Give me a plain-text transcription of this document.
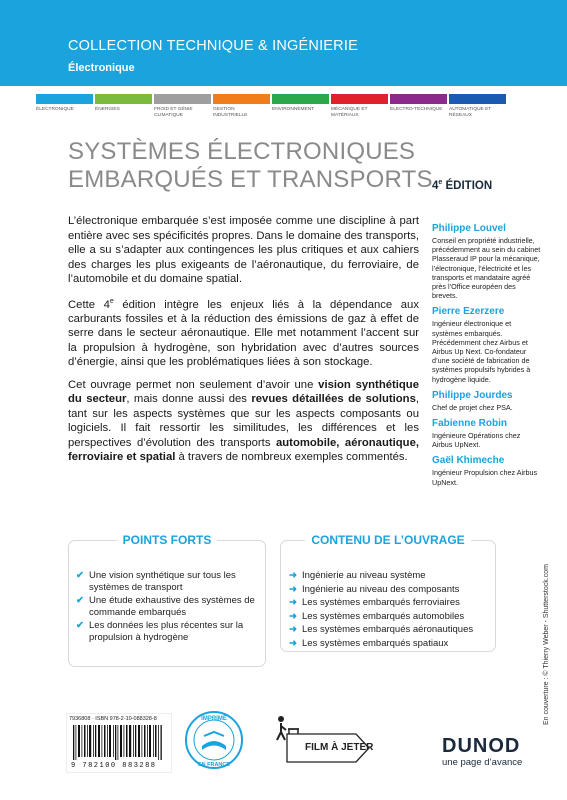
COLLECTION TECHNIQUE & INGÉNIERIE
Électronique
ÉLECTRONIQUE	ÉNERGIES	FROID ET GÉNIE CLIMATIQUE
GESTION INDUSTRIELLE
ENVIRONNEMENT	MÉCANIQUE ET MATÉRIAUX
ÉLECTRO-TECHNIQUE	AUTOMATIQUE ET RÉSEAUX
SYSTÈMES ÉLECTRONIQUES
EMBARQUÉS ET TRANSPORTS 4e ÉDITION

L’électronique embarquée s’est imposée comme une discipline à part entière avec ses spécificités propres. Dans le domaine des transports, elle a su s’adapter aux contingences les plus critiques et aux cahiers des charges les plus exigeants de l’aéronautique, du ferroviaire, de l’automobile et du domaine spatial.

Cette 4e édition intègre les enjeux liés à la dépendance aux carburants fossiles et à la réduction des émissions de gaz à effet de serre dans le secteur aéronautique. Elle met notamment l’accent sur la propulsion à hydrogène, son hybridation avec d’autres sources d’énergie, ainsi que les problématiques liées à son stockage.

Cet ouvrage permet non seulement d’avoir une vision synthétique du secteur, mais donne aussi des revues détaillées de solutions, tant sur les aspects systèmes que sur les aspects composants ou logiciels. Il fait ressortir les similitudes, les différences et les perspectives d’évolution des transports automobile, aéronautique, ferroviaire et spatial à travers de nombreux exemples commentés.

Philippe Louvel
Conseil en propriété industrielle, précédemment au sein du cabinet Plasseraud IP pour la mécanique, l’électronique, l’électricité et les transports et mandataire agréé près l’Office européen des brevets.
Pierre Ezerzere
Ingénieur électronique et systèmes embarqués. Précédemment chez Airbus et Airbus Up Next. Co-fondateur d’une société de fabrication de systèmes propulsifs hybrides à hydrogène liquide.
Philippe Jourdes
Chef de projet chez PSA.
Fabienne Robin
Ingénieure Opérations chez Airbus UpNext.
Gaël Khimeche
Ingénieur Propulsion chez Airbus UpNext.
POINTS FORTS
✔ Une vision synthétique sur tous les systèmes de transport
✔ Une étude exhaustive des systèmes de commande embarqués
✔ Les données les plus récentes sur la propulsion à hydrogène
CONTENU DE L’OUVRAGE
➜ Ingénierie au niveau système
➜ Ingénierie au niveau des composants
➜ Les systèmes embarqués ferroviaires
➜ Les systèmes embarqués automobiles
➜ Les systèmes embarqués aéronautiques
➜ Les systèmes embarqués spatiaux	En couverture : © Thierry Weber - Shutterstock.com
7936808 · ISBN 978-2-10-088328-8
9 782100 883288
IMPRIMÉ
EN FRANCE
FILM À JETER	DUNOD
une page d’avance
